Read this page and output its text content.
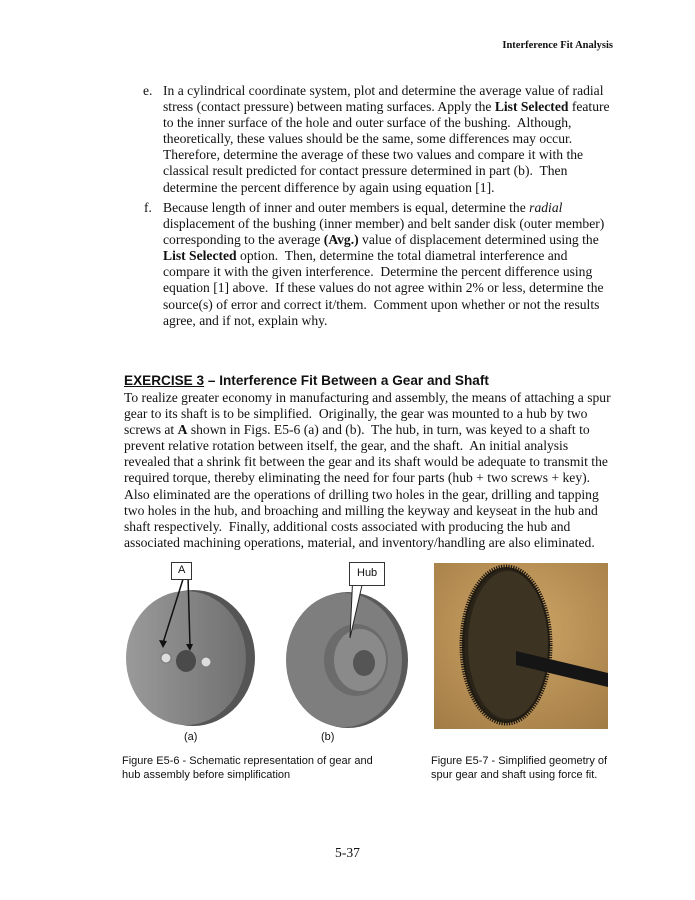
Interference Fit Analysis
e. In a cylindrical coordinate system, plot and determine the average value of radial
stress (contact pressure) between mating surfaces. Apply the List Selected feature
to the inner surface of the hole and outer surface of the bushing.  Although,
theoretically, these values should be the same, some differences may occur.
Therefore, determine the average of these two values and compare it with the
classical result predicted for contact pressure determined in part (b).  Then
determine the percent difference by again using equation [1].
f. Because length of inner and outer members is equal, determine the radial
displacement of the bushing (inner member) and belt sander disk (outer member)
corresponding to the average (Avg.) value of displacement determined using the
List Selected option.  Then, determine the total diametral interference and
compare it with the given interference.  Determine the percent difference using
equation [1] above.  If these values do not agree within 2% or less, determine the
source(s) of error and correct it/them.  Comment upon whether or not the results
agree, and if not, explain why.
EXERCISE 3 – Interference Fit Between a Gear and Shaft
To realize greater economy in manufacturing and assembly, the means of attaching a spur
gear to its shaft is to be simplified.  Originally, the gear was mounted to a hub by two
screws at A shown in Figs. E5-6 (a) and (b).  The hub, in turn, was keyed to a shaft to
prevent relative rotation between itself, the gear, and the shaft.  An initial analysis
revealed that a shrink fit between the gear and its shaft would be adequate to transmit the
required torque, thereby eliminating the need for four parts (hub + two screws + key).
Also eliminated are the operations of drilling two holes in the gear, drilling and tapping
two holes in the hub, and broaching and milling the keyway and keyseat in the hub and
shaft respectively.  Finally, additional costs associated with producing the hub and
associated machining operations, material, and inventory/handling are also eliminated.
A	Hub
(a)	(b)
Figure E5-6 - Schematic representation of gear and
hub assembly before simplification
Figure E5-7 - Simplified geometry of
spur gear and shaft using force fit.
5-37
